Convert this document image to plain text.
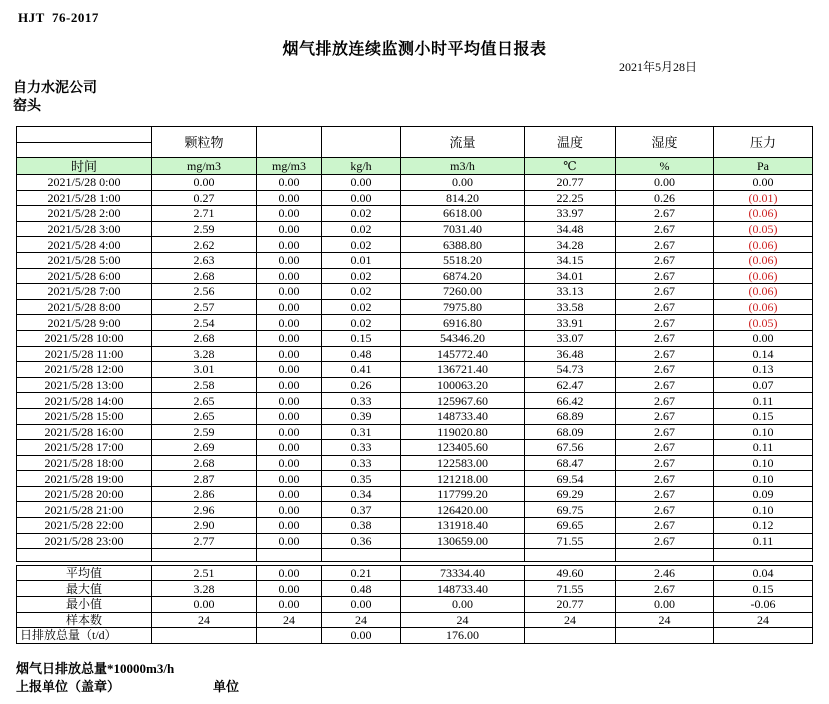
HJT  76-2017
烟气排放连续监测小时平均值日报表
2021年5月28日
自力水泥公司
窑头
	颗粒物			流量	温度	湿度	压力

时间	mg/m3	mg/m3	kg/h	m3/h	℃	%	Pa
2021/5/28 0:00	0.00	0.00	0.00	0.00	20.77	0.00	0.00
2021/5/28 1:00	0.27	0.00	0.00	814.20	22.25	0.26	(0.01)
2021/5/28 2:00	2.71	0.00	0.02	6618.00	33.97	2.67	(0.06)
2021/5/28 3:00	2.59	0.00	0.02	7031.40	34.48	2.67	(0.05)
2021/5/28 4:00	2.62	0.00	0.02	6388.80	34.28	2.67	(0.06)
2021/5/28 5:00	2.63	0.00	0.01	5518.20	34.15	2.67	(0.06)
2021/5/28 6:00	2.68	0.00	0.02	6874.20	34.01	2.67	(0.06)
2021/5/28 7:00	2.56	0.00	0.02	7260.00	33.13	2.67	(0.06)
2021/5/28 8:00	2.57	0.00	0.02	7975.80	33.58	2.67	(0.06)
2021/5/28 9:00	2.54	0.00	0.02	6916.80	33.91	2.67	(0.05)
2021/5/28 10:00	2.68	0.00	0.15	54346.20	33.07	2.67	0.00
2021/5/28 11:00	3.28	0.00	0.48	145772.40	36.48	2.67	0.14
2021/5/28 12:00	3.01	0.00	0.41	136721.40	54.73	2.67	0.13
2021/5/28 13:00	2.58	0.00	0.26	100063.20	62.47	2.67	0.07
2021/5/28 14:00	2.65	0.00	0.33	125967.60	66.42	2.67	0.11
2021/5/28 15:00	2.65	0.00	0.39	148733.40	68.89	2.67	0.15
2021/5/28 16:00	2.59	0.00	0.31	119020.80	68.09	2.67	0.10
2021/5/28 17:00	2.69	0.00	0.33	123405.60	67.56	2.67	0.11
2021/5/28 18:00	2.68	0.00	0.33	122583.00	68.47	2.67	0.10
2021/5/28 19:00	2.87	0.00	0.35	121218.00	69.54	2.67	0.10
2021/5/28 20:00	2.86	0.00	0.34	117799.20	69.29	2.67	0.09
2021/5/28 21:00	2.96	0.00	0.37	126420.00	69.75	2.67	0.10
2021/5/28 22:00	2.90	0.00	0.38	131918.40	69.65	2.67	0.12
2021/5/28 23:00	2.77	0.00	0.36	130659.00	71.55	2.67	0.11

平均值	2.51	0.00	0.21	73334.40	49.60	2.46	0.04
最大值	3.28	0.00	0.48	148733.40	71.55	2.67	0.15
最小值	0.00	0.00	0.00	0.00	20.77	0.00	-0.06
样本数	24	24	24	24	24	24	24
日排放总量（t/d）			0.00	176.00			
烟气日排放总量*10000m3/h
上报单位（盖章）	单位
